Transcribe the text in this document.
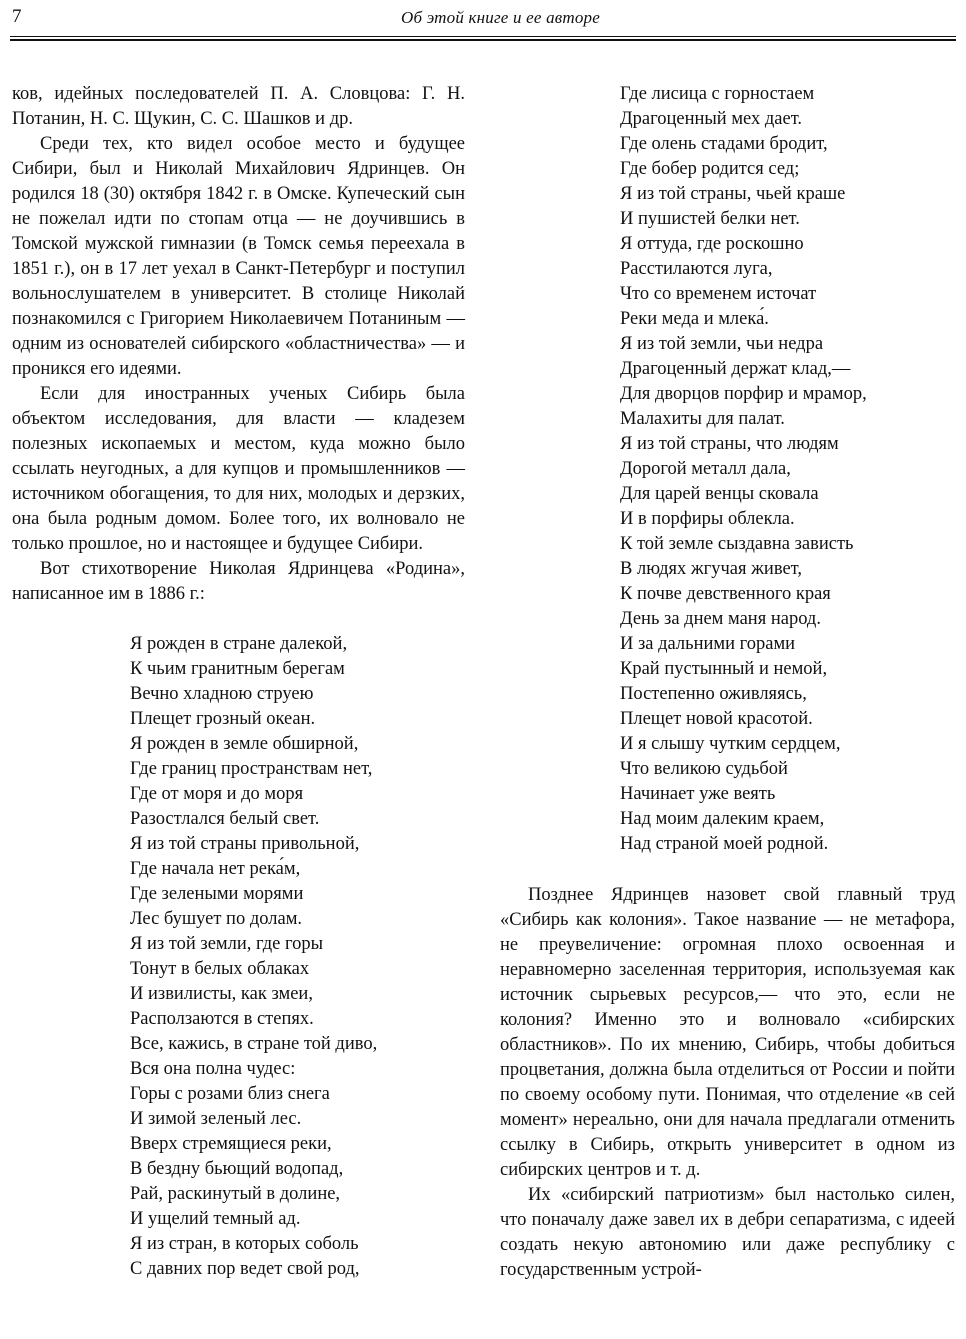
7	Об этой книге и ее авторе

ков, идейных последователей П. А. Словцова: Г. Н. Потанин, Н. С. Щукин, С. С. Шашков и др.

Среди тех, кто видел особое место и будущее Сибири, был и Николай Михайлович Ядринцев. Он родился 18 (30) октября 1842 г. в Омске. Купеческий сын не пожелал идти по стопам отца — не доучившись в Томской мужской гимназии (в Томск семья переехала в 1851 г.), он в 17 лет уехал в Санкт-Петербург и поступил вольнослушателем в университет. В столице Николай познакомился с Григорием Николаевичем Потаниным — одним из основателей сибирского «областничества» — и проникся его идеями.

Если для иностранных ученых Сибирь была объектом исследования, для власти — кладезем полезных ископаемых и местом, куда можно было ссылать неугодных, а для купцов и промышленников — источником обогащения, то для них, молодых и дерзких, она была родным домом. Более того, их волновало не только прошлое, но и настоящее и будущее Сибири.

Вот стихотворение Николая Ядринцева «Родина», написанное им в 1886 г.:

Я рожден в стране далекой,
К чьим гранитным берегам
Вечно хладною струею
Плещет грозный океан.
Я рожден в земле обширной,
Где границ пространствам нет,
Где от моря и до моря
Разостлался белый свет.
Я из той страны привольной,
Где начала нет река́м,
Где зелеными морями
Лес бушует по долам.
Я из той земли, где горы
Тонут в белых облаках
И извилисты, как змеи,
Расползаются в степях.
Все, кажись, в стране той диво,
Вся она полна чудес:
Горы с розами близ снега
И зимой зеленый лес.
Вверх стремящиеся реки,
В бездну бьющий водопад,
Рай, раскинутый в долине,
И ущелий темный ад.
Я из стран, в которых соболь
С давних пор ведет свой род,
Где лисица с горностаем
Драгоценный мех дает.
Где олень стадами бродит,
Где бобер родится сед;
Я из той страны, чьей краше
И пушистей белки нет.
Я оттуда, где роскошно
Расстилаются луга,
Что со временем источат
Реки меда и млека́.
Я из той земли, чьи недра
Драгоценный держат клад,—
Для дворцов порфир и мрамор,
Малахиты для палат.
Я из той страны, что людям
Дорогой металл дала,
Для царей венцы сковала
И в порфиры облекла.
К той земле сыздавна зависть
В людях жгучая живет,
К почве девственного края
День за днем маня народ.
И за дальними горами
Край пустынный и немой,
Постепенно оживляясь,
Плещет новой красотой.
И я слышу чутким сердцем,
Что великою судьбой
Начинает уже веять
Над моим далеким краем,
Над страной моей родной.

Позднее Ядринцев назовет свой главный труд «Сибирь как колония». Такое название — не метафора, не преувеличение: огромная плохо освоенная и неравномерно заселенная территория, используемая как источник сырьевых ресурсов,— что это, если не колония? Именно это и волновало «сибирских областников». По их мнению, Сибирь, чтобы добиться процветания, должна была отделиться от России и пойти по своему особому пути. Понимая, что отделение «в сей момент» нереально, они для начала предлагали отменить ссылку в Сибирь, открыть университет в одном из сибирских центров и т. д.

Их «сибирский патриотизм» был настолько силен, что поначалу даже завел их в дебри сепаратизма, с идеей создать некую автономию или даже республику с государственным устрой-
